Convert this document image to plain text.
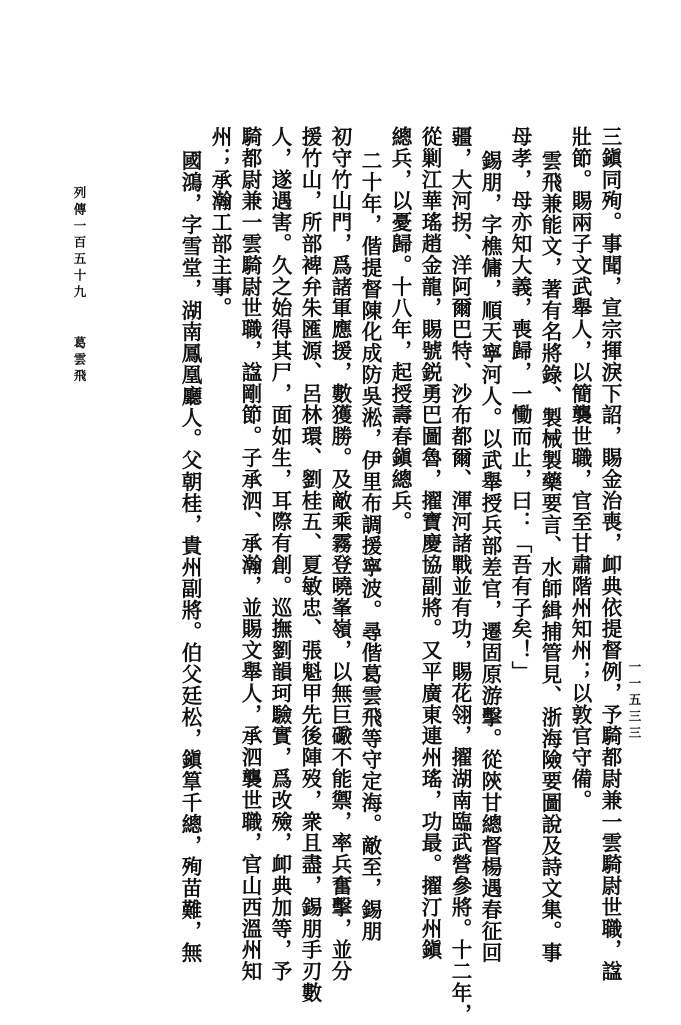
三鎭同殉。事聞，宣宗揮淚下詔，賜金治喪，卹典依提督例，予騎都尉兼一雲騎尉世職，諡
壯節。賜兩子文武舉人，以簡襲世職，官至甘肅階州知州；以敦官守備。
雲飛兼能文，著有名將錄、製械製藥要言、水師緝捕管見、浙海險要圖說及詩文集。事
母孝，母亦知大義，喪歸，一慟而止，曰：「吾有子矣！」
錫朋，字樵傭，順天寧河人。以武舉授兵部差官，遷固原游擊。從陝甘總督楊遇春征回
疆，大河拐、洋阿爾巴特、沙布都爾、渾河諸戰並有功，賜花翎，擢湖南臨武營參將。十二年，
從剿江華瑤趙金龍，賜號鋭勇巴圖魯，擢寶慶協副將。又平廣東連州瑤，功最。擢汀州鎭
總兵，以憂歸。十八年，起授壽春鎭總兵。
二十年，偕提督陳化成防吳淞，伊里布調援寧波。尋偕葛雲飛等守定海。敵至，錫朋
初守竹山門，爲諸軍應援，數獲勝。及敵乘霧登曉峯嶺，以無巨礮不能禦，率兵奮擊，並分
援竹山，所部裨弁朱匯源、呂林環、劉桂五、夏敏忠、張魁甲先後陣歿，衆且盡，錫朋手刃數
人，遂遇害。久之始得其尸，面如生，耳際有創。巡撫劉韻珂驗實，爲改殮，卹典加等，予
騎都尉兼一雲騎尉世職，諡剛節。子承泗、承瀚，並賜文舉人，承泗襲世職，官山西溫州知
州；承瀚工部主事。
國鴻，字雪堂，湖南鳳凰廳人。父朝桂，貴州副將。伯父廷松，鎭筸千總，殉苗難，無	一一五三三
列傳一百五十九
葛雲飛
